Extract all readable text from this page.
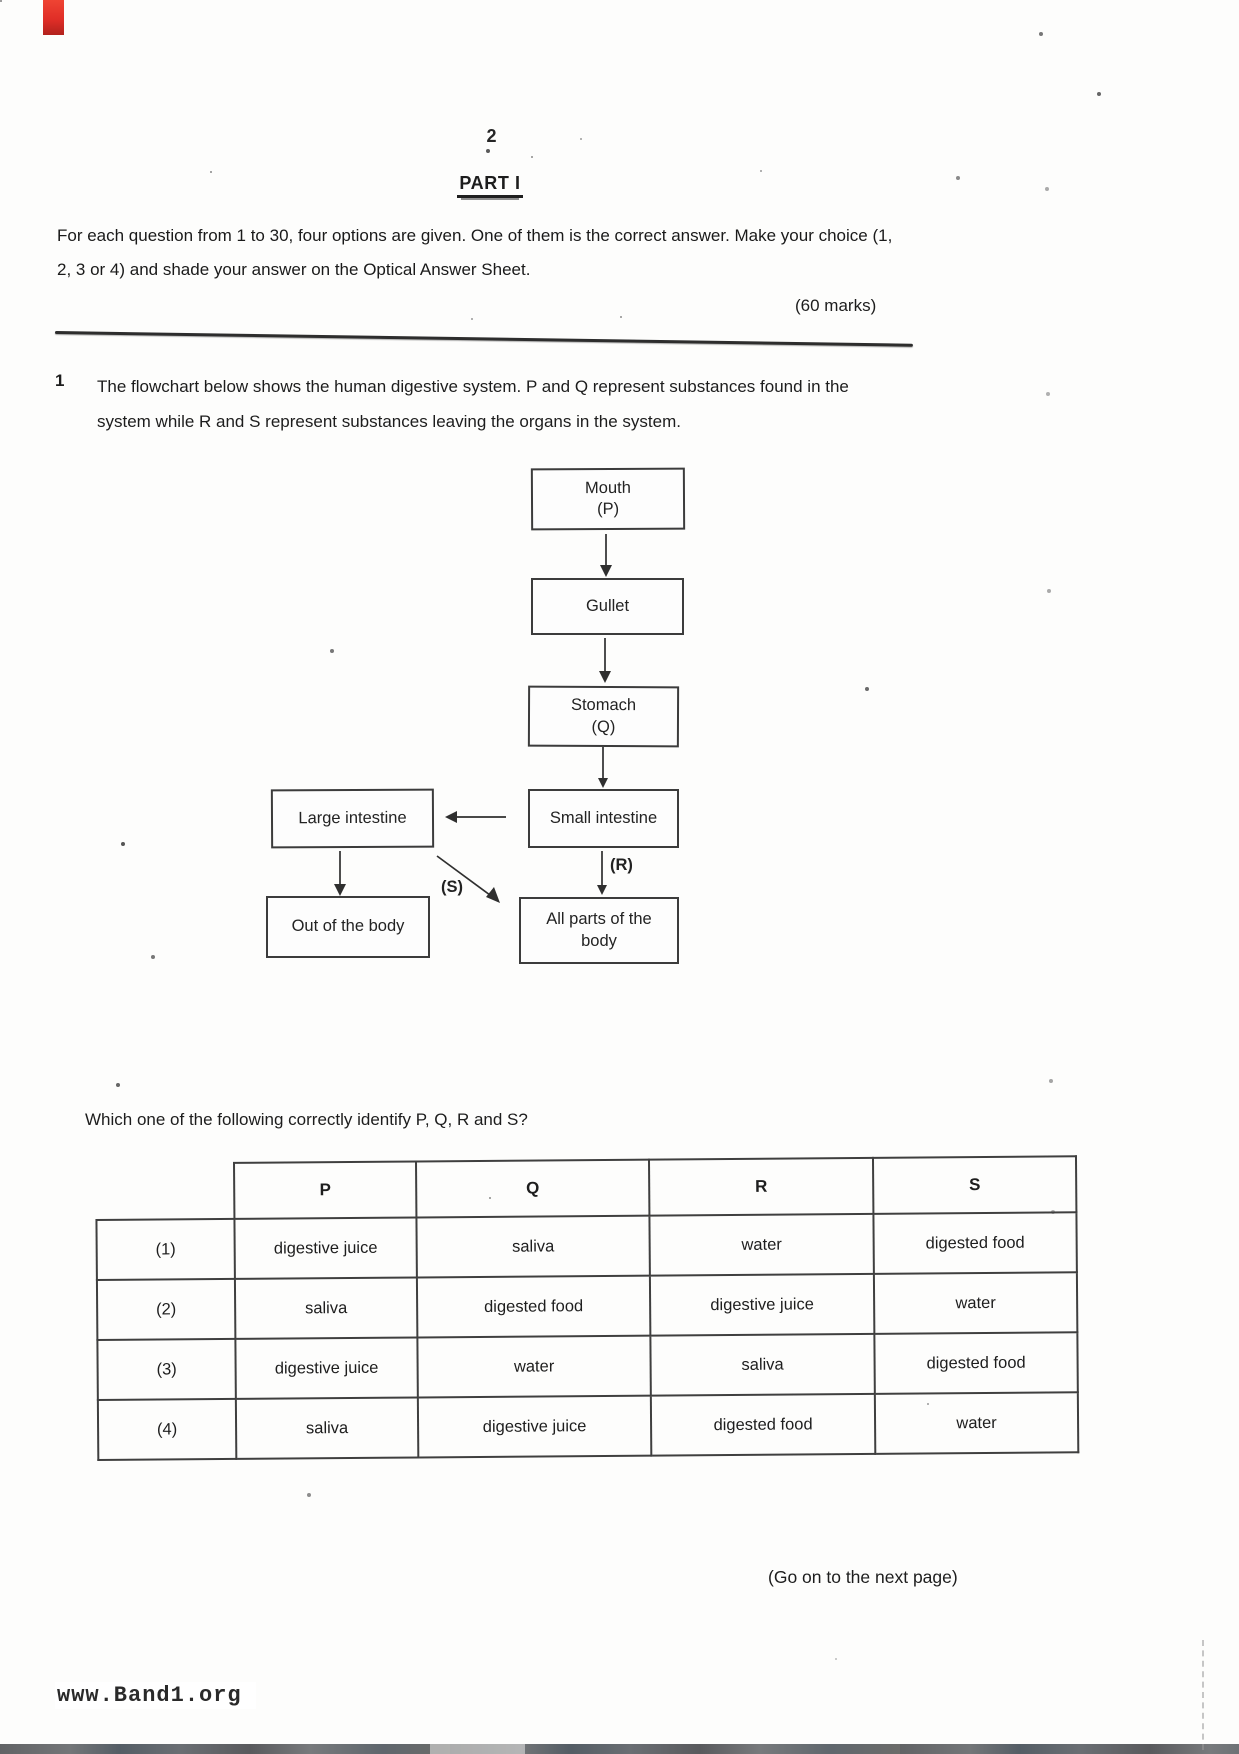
2
PART I
For each question from 1 to 30, four options are given. One of them is the correct answer. Make your choice (1, 2, 3 or 4) and shade your answer on the Optical Answer Sheet.
(60 marks)
1 The flowchart below shows the human digestive system. P and Q represent substances found in the system while R and S represent substances leaving the organs in the system.
Mouth
(P)
Gullet
Stomach
(Q)
Small intestine
Large intestine
Out of the body	All parts of the
body
(R)
(S)
Which one of the following correctly identify P, Q, R and S?
	P	Q	R	S
(1)	digestive juice	saliva	water	digested food
(2)	saliva	digested food	digestive juice	water
(3)	digestive juice	water	saliva	digested food
(4)	saliva	digestive juice	digested food	water
(Go on to the next page)
www.Band1.org
